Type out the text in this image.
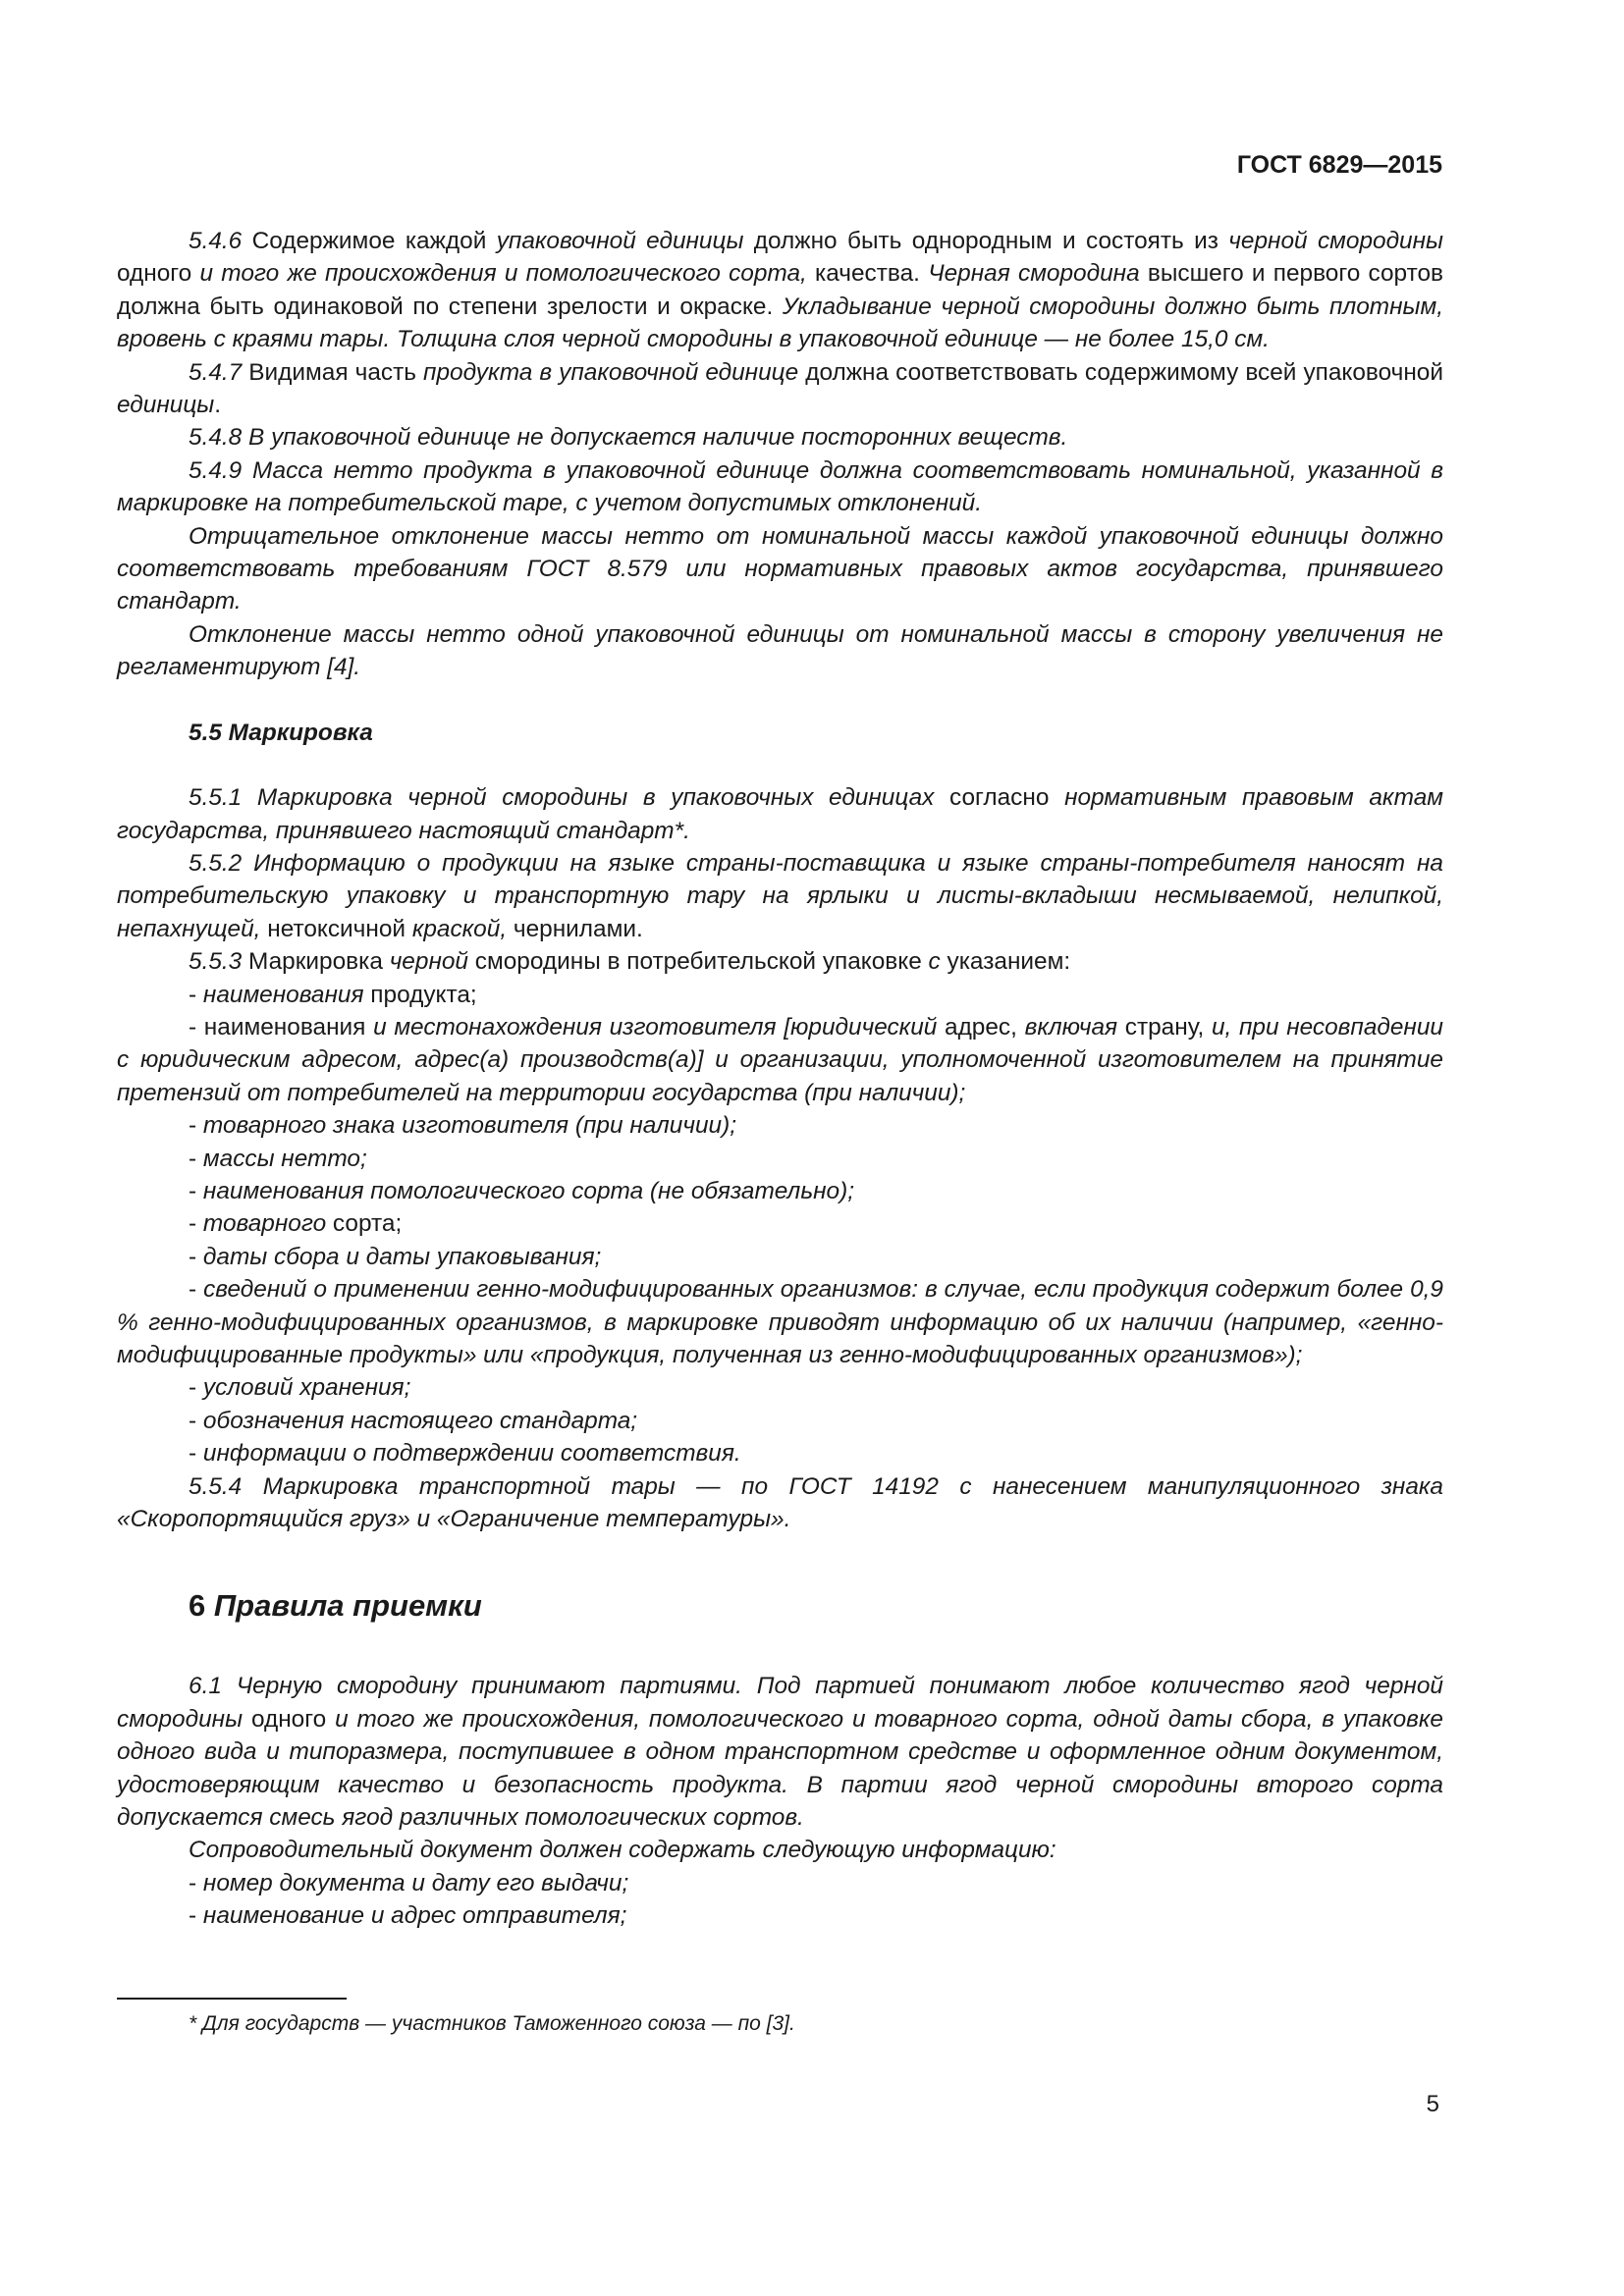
ГОСТ 6829—2015

5.4.6 Содержимое каждой упаковочной единицы должно быть однородным и состоять из черной смородины одного и того же происхождения и помологического сорта, качества. Черная смородина высшего и первого сортов должна быть одинаковой по степени зрелости и окраске. Укладывание черной смородины должно быть плотным, вровень с краями тары. Толщина слоя черной смородины в упаковочной единице — не более 15,0 см.

5.4.7 Видимая часть продукта в упаковочной единице должна соответствовать содержимому всей упаковочной единицы.

5.4.8 В упаковочной единице не допускается наличие посторонних веществ.

5.4.9 Масса нетто продукта в упаковочной единице должна соответствовать номинальной, указанной в маркировке на потребительской таре, с учетом допустимых отклонений.

Отрицательное отклонение массы нетто от номинальной массы каждой упаковочной единицы должно соответствовать требованиям ГОСТ 8.579 или нормативных правовых актов государства, принявшего стандарт.

Отклонение массы нетто одной упаковочной единицы от номинальной массы в сторону увеличения не регламентируют [4].

5.5 Маркировка

5.5.1 Маркировка черной смородины в упаковочных единицах согласно нормативным правовым актам государства, принявшего настоящий стандарт*.

5.5.2 Информацию о продукции на языке страны-поставщика и языке страны-потребителя наносят на потребительскую упаковку и транспортную тару на ярлыки и листы-вкладыши несмываемой, нелипкой, непахнущей, нетоксичной краской, чернилами.

5.5.3 Маркировка черной смородины в потребительской упаковке с указанием:

- наименования продукта;

- наименования и местонахождения изготовителя [юридический адрес, включая страну, и, при несовпадении с юридическим адресом, адрес(а) производств(а)] и организации, уполномоченной изготовителем на принятие претензий от потребителей на территории государства (при наличии);

- товарного знака изготовителя (при наличии);

- массы нетто;

- наименования помологического сорта (не обязательно);

- товарного сорта;

- даты сбора и даты упаковывания;

- сведений о применении генно-модифицированных организмов: в случае, если продукция содержит более 0,9 % генно-модифицированных организмов, в маркировке приводят информацию об их наличии (например, «генно-модифицированные продукты» или «продукция, полученная из генно-модифицированных организмов»);

- условий хранения;

- обозначения настоящего стандарта;

- информации о подтверждении соответствия.

5.5.4 Маркировка транспортной тары — по ГОСТ 14192 с нанесением манипуляционного знака «Скоропортящийся груз» и «Ограничение температуры».

6 Правила приемки

6.1 Черную смородину принимают партиями. Под партией понимают любое количество ягод черной смородины одного и того же происхождения, помологического и товарного сорта, одной даты сбора, в упаковке одного вида и типоразмера, поступившее в одном транспортном средстве и оформленное одним документом, удостоверяющим качество и безопасность продукта. В партии ягод черной смородины второго сорта допускается смесь ягод различных помологических сортов.

Сопроводительный документ должен содержать следующую информацию:

- номер документа и дату его выдачи;

- наименование и адрес отправителя;

* Для государств — участников Таможенного союза — по [3].
5
